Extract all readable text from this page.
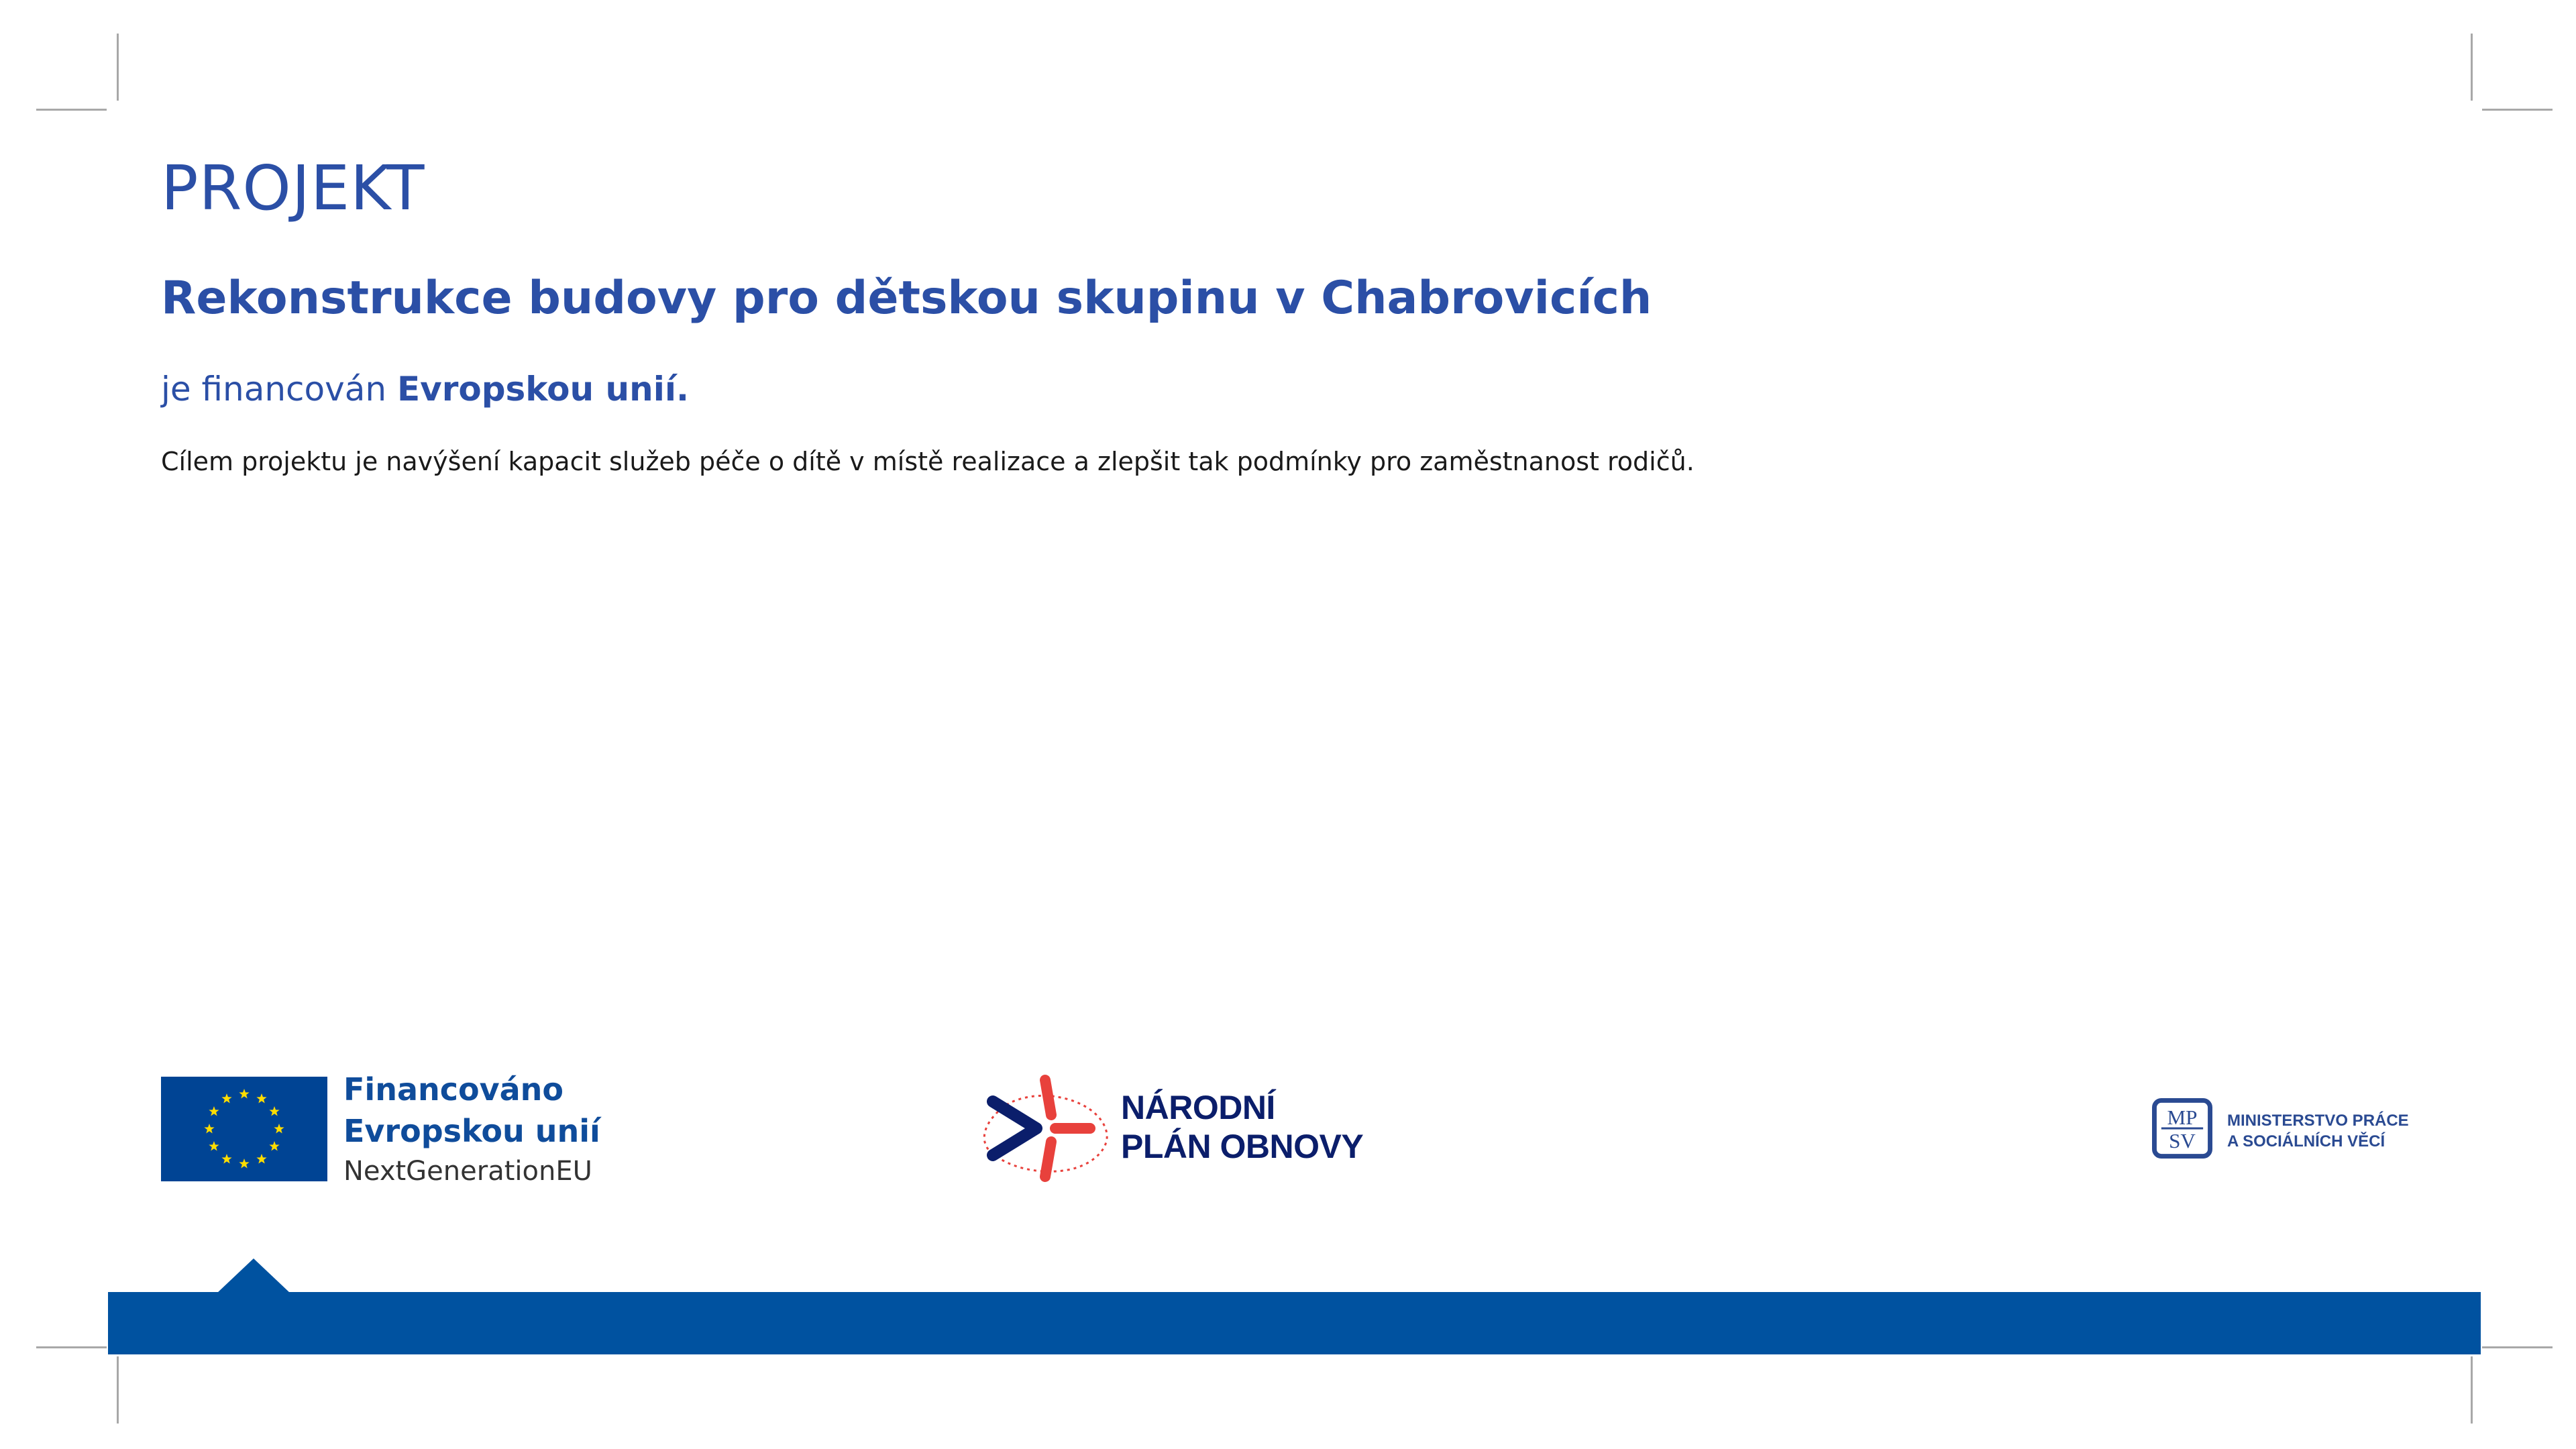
PROJEKT
Rekonstrukce budovy pro dětskou skupinu v Chabrovicích

je financován Evropskou unií.

Cílem projektu je navýšení kapacit služeb péče o dítě v místě realizace a zlepšit tak podmínky pro zaměstnanost rodičů.

Financováno
Evropskou unií
NextGenerationEU
NÁRODNÍ
PLÁN OBNOVY
MP
SV
MINISTERSTVO PRÁCE
A SOCIÁLNÍCH VĚCÍ
